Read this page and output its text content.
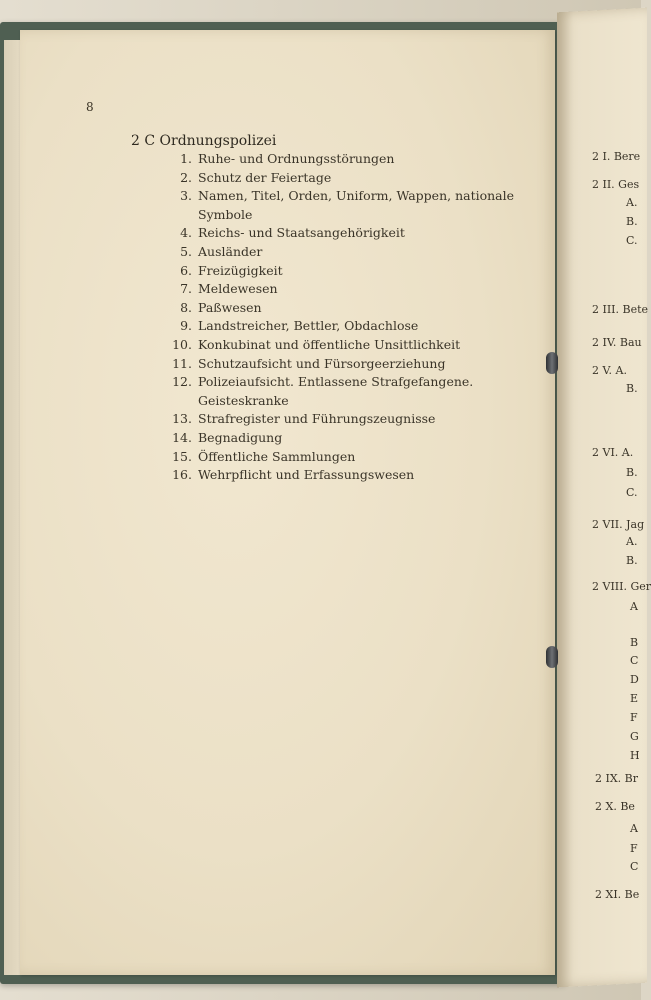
8
2 C Ordnungspolizei
1. Ruhe- und Ordnungsstörungen
2. Schutz der Feiertage
3. Namen, Titel, Orden, Uniform, Wappen, nationale Symbole
4. Reichs- und Staatsangehörigkeit
5. Ausländer
6. Freizügigkeit
7. Meldewesen
8. Paßwesen
9. Landstreicher, Bettler, Obdachlose
10. Konkubinat und öffentliche Unsittlichkeit
11. Schutzaufsicht und Fürsorgeerziehung
12. Polizeiaufsicht. Entlassene Strafgefangene. Geisteskranke
13. Strafregister und Führungszeugnisse
14. Begnadigung
15. Öffentliche Sammlungen
16. Wehrpflicht und Erfassungswesen
2 I. Bere
2 II. Ges
A.
B.
C.
2 III. Bete
2 IV. Bau
2 V. A.
B.
2 VI. A.
B.
C.
2 VII. Jag
A.
B.
2 VIII. Ger
A
B
C
D
E
F
G
H
2 IX. Br
2 X. Be
A
F
C
2 XI. Be
